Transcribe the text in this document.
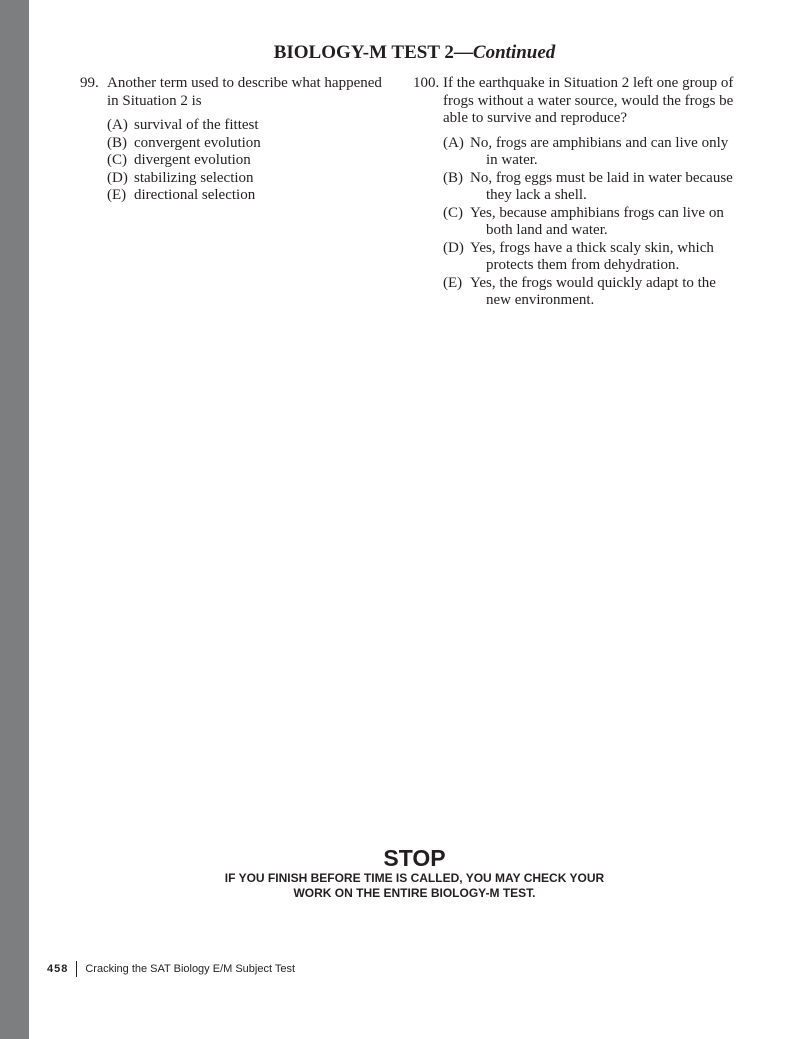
BIOLOGY-M TEST 2—Continued
99. Another term used to describe what happened in Situation 2 is
(A) survival of the fittest
(B) convergent evolution
(C) divergent evolution
(D) stabilizing selection
(E) directional selection
100. If the earthquake in Situation 2 left one group of frogs without a water source, would the frogs be able to survive and reproduce?
(A) No, frogs are amphibians and can live only in water.
(B) No, frog eggs must be laid in water because they lack a shell.
(C) Yes, because amphibians frogs can live on both land and water.
(D) Yes, frogs have a thick scaly skin, which protects them from dehydration.
(E) Yes, the frogs would quickly adapt to the new environment.
STOP
IF YOU FINISH BEFORE TIME IS CALLED, YOU MAY CHECK YOUR
WORK ON THE ENTIRE BIOLOGY-M TEST.
458 Cracking the SAT Biology E/M Subject Test
